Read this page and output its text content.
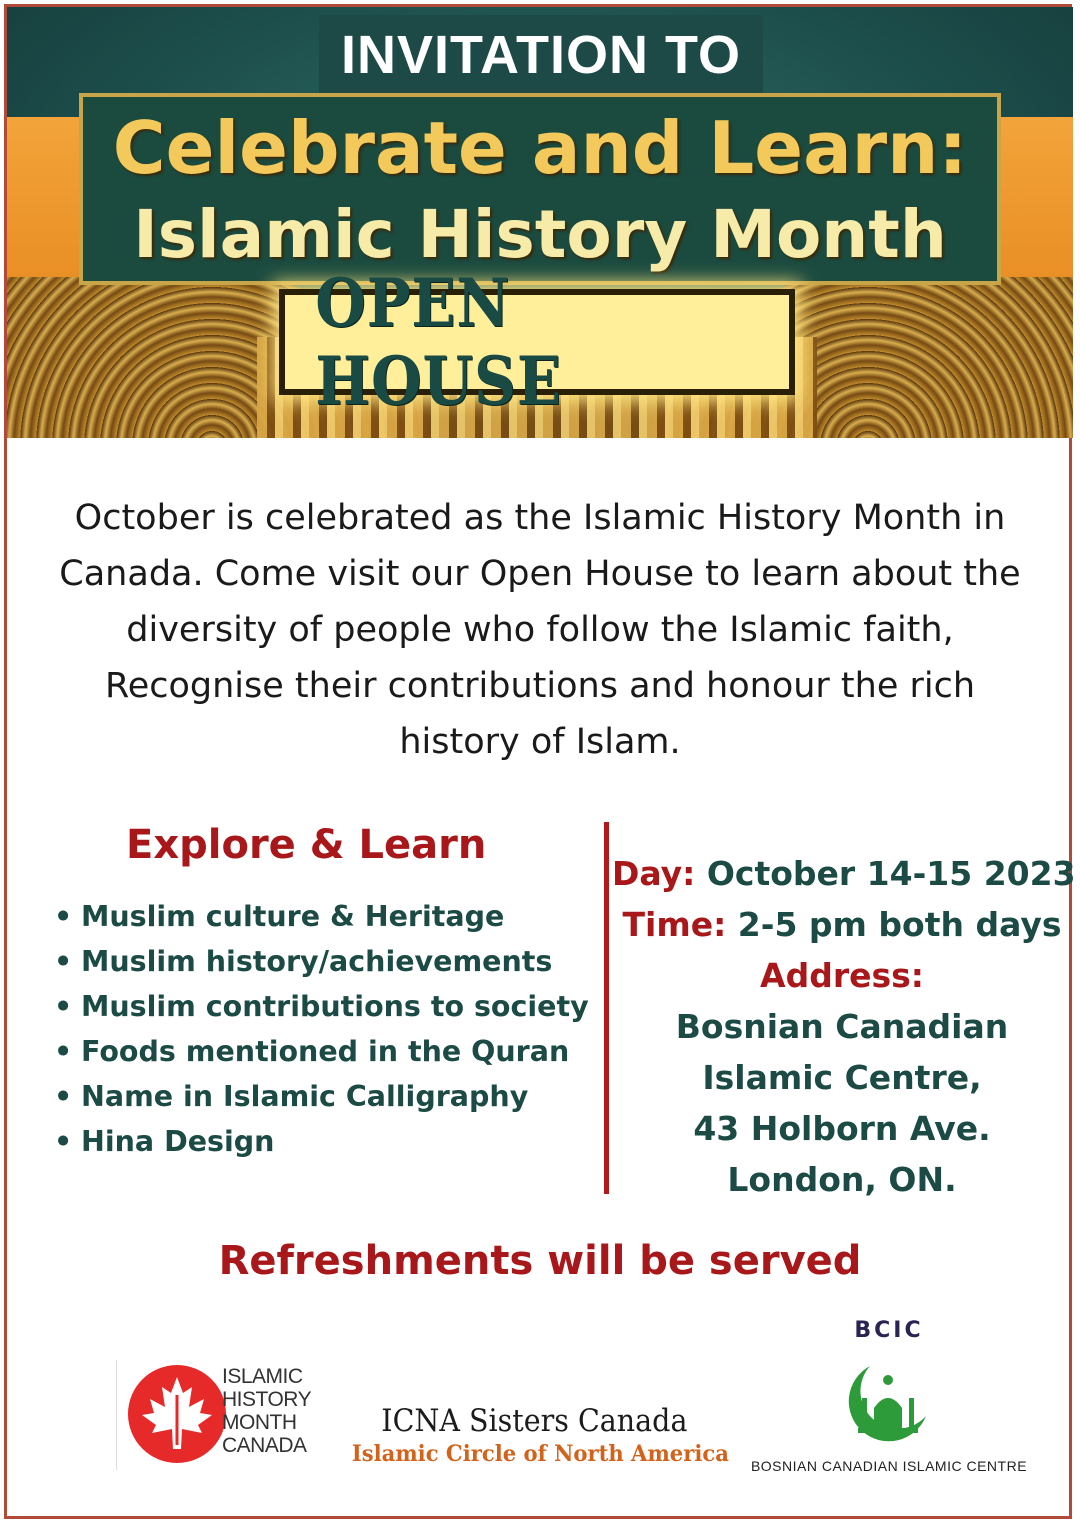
INVITATION TO
Celebrate and Learn:
Islamic History Month
OPEN HOUSE

October is celebrated as the Islamic History Month in Canada. Come visit our Open House to learn about the diversity of people who follow the Islamic faith, Recognise their contributions and honour the rich history of Islam.

Explore & Learn
• Muslim culture & Heritage
• Muslim history/achievements
• Muslim contributions to society
• Foods mentioned in the Quran
• Name in Islamic Calligraphy
• Hina Design
Day: October 14-15 2023
Time: 2-5 pm both days
Address:
Bosnian Canadian
Islamic Centre,
43 Holborn Ave.
London, ON.

Refreshments will be served

ISLAMIC
HISTORY
MONTH
CANADA
ICNA Sisters Canada
Islamic Circle of North America
BCIC
BOSNIAN CANADIAN ISLAMIC CENTRE
